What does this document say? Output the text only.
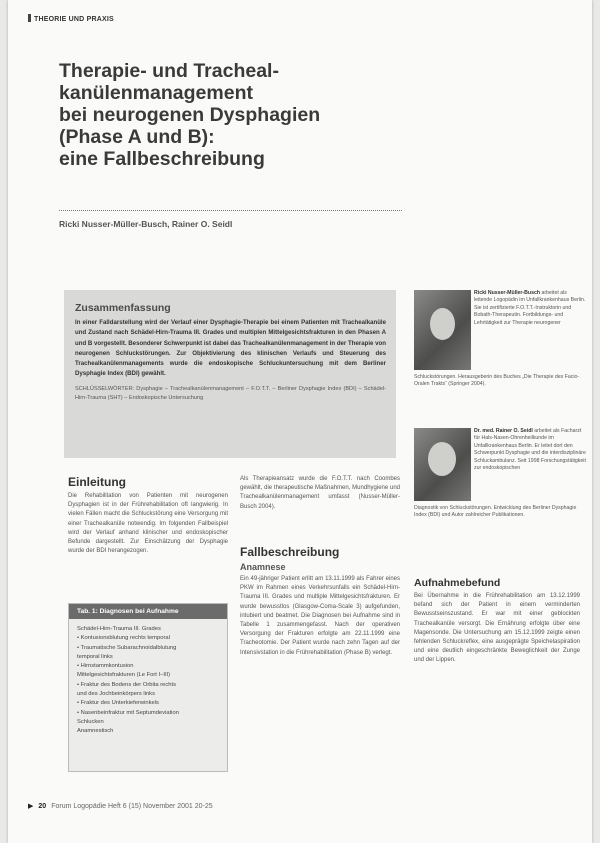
THEORIE UND PRAXIS
Therapie- und Tracheal-
kanülenmanagement
bei neurogenen Dysphagien
(Phase A und B):
eine Fallbeschreibung
Ricki Nusser-Müller-Busch, Rainer O. Seidl
Zusammenfassung

In einer Falldarstellung wird der Verlauf einer Dysphagie-Therapie bei einem Patienten mit Trachealkanüle und Zustand nach Schädel-Hirn-Trauma III. Grades und multiplen Mittelgesichtsfrakturen in den Phasen A und B vorgestellt. Besonderer Schwerpunkt ist dabei das Trachealkanülenmanagement in der Therapie von neurogenen Schluckstörungen. Zur Objektivierung des klinischen Verlaufs und Steuerung des Trachealkanülenmanagements wurde die endoskopische Schluckuntersuchung mit dem Berliner Dysphagie Index (BDI) gewählt.

SCHLÜSSELWÖRTER: Dysphagie – Trachealkanülenmanagement – F.O.T.T. – Berliner Dysphagie Index (BDI) – Schädel-Hirn-Trauma (SHT) – Endoskopische Untersuchung

Ricki Nusser-Müller-Busch arbeitet als leitende Logopädin im Unfallkrankenhaus Berlin. Sie ist zertifizierte F.O.T.T.-Instruktorin und Bobath-Therapeutin. Fortbildungs- und Lehrtätigkeit zur Therapie neurogener
Schluckstörungen. Herausgeberin des Buches „Die Therapie des Facio-Oralen Trakts“ (Springer 2004).
Dr. med. Rainer O. Seidl arbeitet als Facharzt für Hals-Nasen-Ohrenheilkunde im Unfallkrankenhaus Berlin. Er leitet dort den Schwerpunkt Dysphagie und die interdisziplinäre Schluckambulanz. Seit 1998 Forschungstätigkeit zur endoskopischen
Diagnostik von Schluckstörungen. Entwicklung des Berliner Dysphagie Index (BDI) und Autor zahlreicher Publikationen.
Einleitung
Die Rehabilitation von Patienten mit neurogenen Dysphagien ist in der Frührehabilitation oft langwierig. In vielen Fällen macht die Schluckstörung eine Versorgung mit einer Trachealkanüle notwendig. Im folgenden Fallbeispiel wird der Verlauf anhand klinischer und endoskopischer Befunde dargestellt. Zur Einschätzung der Dysphagie wurde der BDI herangezogen.
Als Therapieansatz wurde die F.O.T.T. nach Coombes gewählt, die therapeutische Maßnahmen, Mundhygiene und Trachealkanülenmanagement umfasst (Nusser-Müller-Busch 2004).
Tab. 1: Diagnosen bei Aufnahme
Schädel-Hirn-Trauma III. Grades
• Kontusionsblutung rechts temporal
• Traumatische Subarachnoidalblutung
temporal links
• Hirnstammkontusion
Mittelgesichtsfrakturen (Le Fort I–III)
• Fraktur des Bodens der Orbita rechts
und des Jochbeinkörpers links
• Fraktur des Unterkieferwinkels
• Nasenbeinfraktur mit Septumdeviation
Schlucken
Anamnestisch
Fallbeschreibung
Anamnese
Ein 49-jähriger Patient erlitt am 13.11.1999 als Fahrer eines PKW im Rahmen eines Verkehrsunfalls ein Schädel-Hirn-Trauma III. Grades und multiple Mittelgesichtsfrakturen. Er wurde bewusstlos (Glasgow-Coma-Scale 3) aufgefunden, intubiert und beatmet. Die Diagnosen bei Aufnahme sind in Tabelle 1 zusammengefasst. Nach der operativen Versorgung der Frakturen erfolgte am 22.11.1999 eine Tracheotomie. Der Patient wurde nach zehn Tagen auf der Intensivstation in die Frührehabilitation (Phase B) verlegt.
Aufnahmebefund
Bei Übernahme in die Frührehabilitation am 13.12.1999 befand sich der Patient in einem verminderten Bewusstseinszustand. Er war mit einer geblockten Trachealkanüle versorgt. Die Ernährung erfolgte über eine Magensonde. Die Untersuchung am 15.12.1999 zeigte einen fehlenden Schluckreflex, eine ausgeprägte Speichelaspiration und eine deutlich eingeschränkte Beweglichkeit der Zunge und der Lippen.
▶ 20 Forum Logopädie Heft 6 (15) November 2001 20-25
